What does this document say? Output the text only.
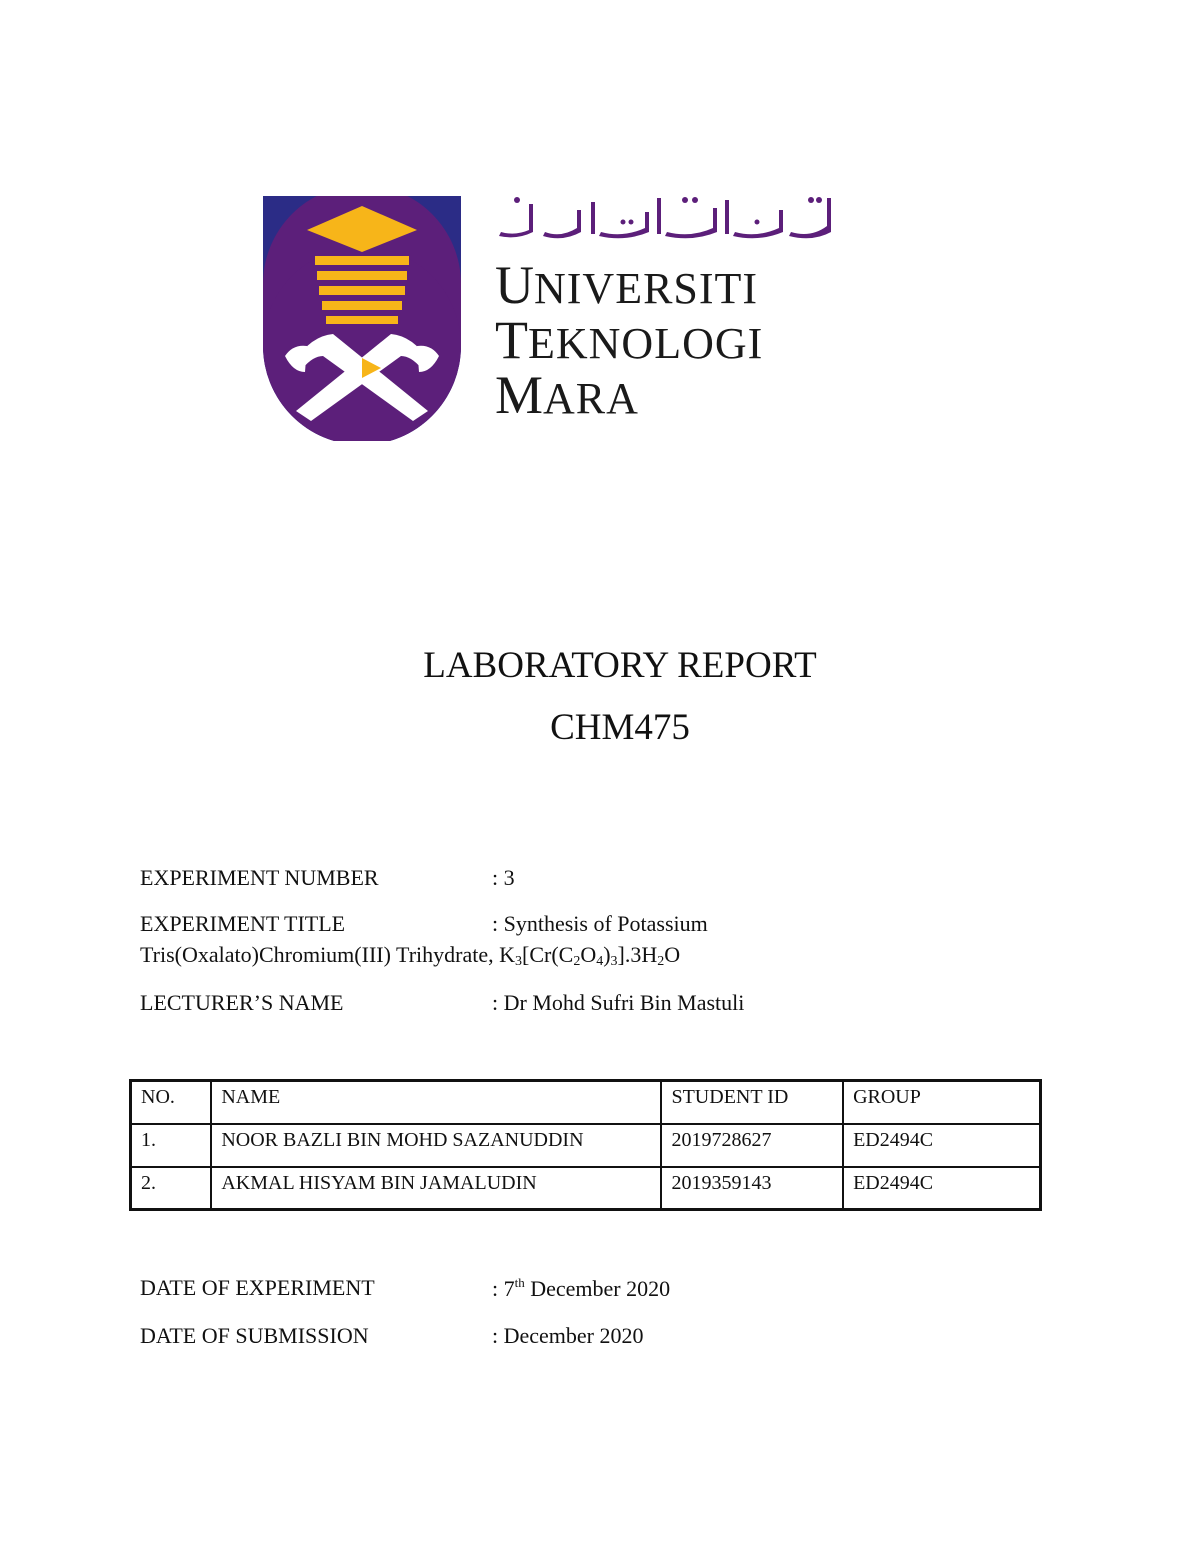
UNIVERSITI
TEKNOLOGI
MARA
LABORATORY REPORT
CHM475
EXPERIMENT NUMBER	: 3
EXPERIMENT TITLE	: Synthesis of Potassium
Tris(Oxalato)Chromium(III) Trihydrate, $K_3[Cr(C_2O_4)_3].3H_2O$
LECTURER’S NAME	: Dr Mohd Sufri Bin Mastuli
NO.	NAME	STUDENT ID	GROUP
1.	NOOR BAZLI BIN MOHD SAZANUDDIN	2019728627	ED2494C
2.	AKMAL HISYAM BIN JAMALUDIN	2019359143	ED2494C
DATE OF EXPERIMENT	: 7th December 2020
DATE OF SUBMISSION	: December 2020
